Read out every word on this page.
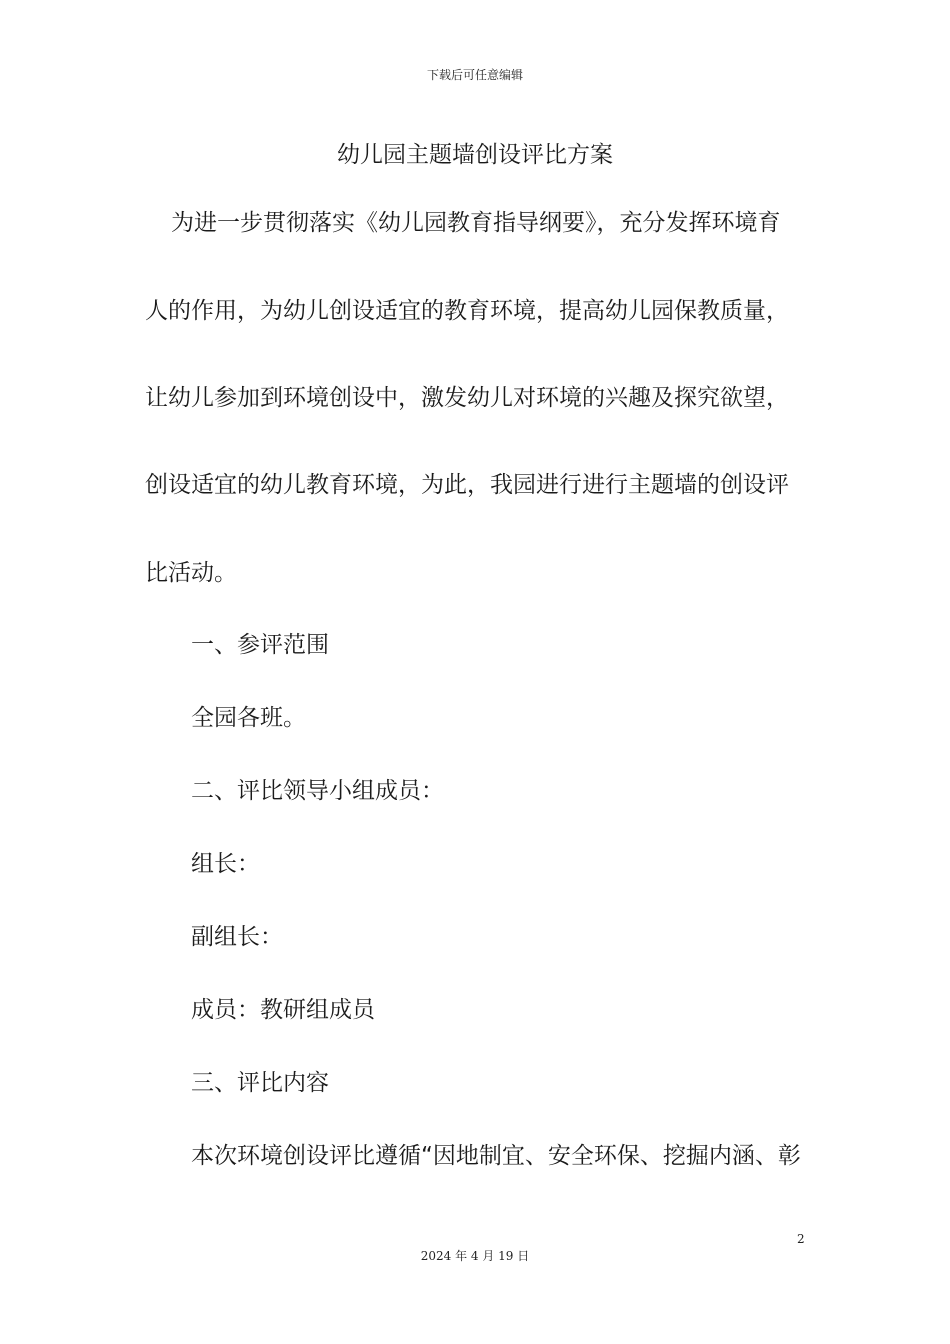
下载后可任意编辑
幼儿园主题墙创设评比方案
为进一步贯彻落实《幼儿园教育指导纲要》，充分发挥环境育
人的作用，为幼儿创设适宜的教育环境，提高幼儿园保教质量，
让幼儿参加到环境创设中，激发幼儿对环境的兴趣及探究欲望，
创设适宜的幼儿教育环境，为此，我园进行进行主题墙的创设评
比活动。
一、参评范围
全园各班。
二、评比领导小组成员：
组长：
副组长：
成员：教研组成员
三、评比内容
本次环境创设评比遵循“因地制宜、安全环保、挖掘内涵、彰
2
2024 年 4 月 19 日
